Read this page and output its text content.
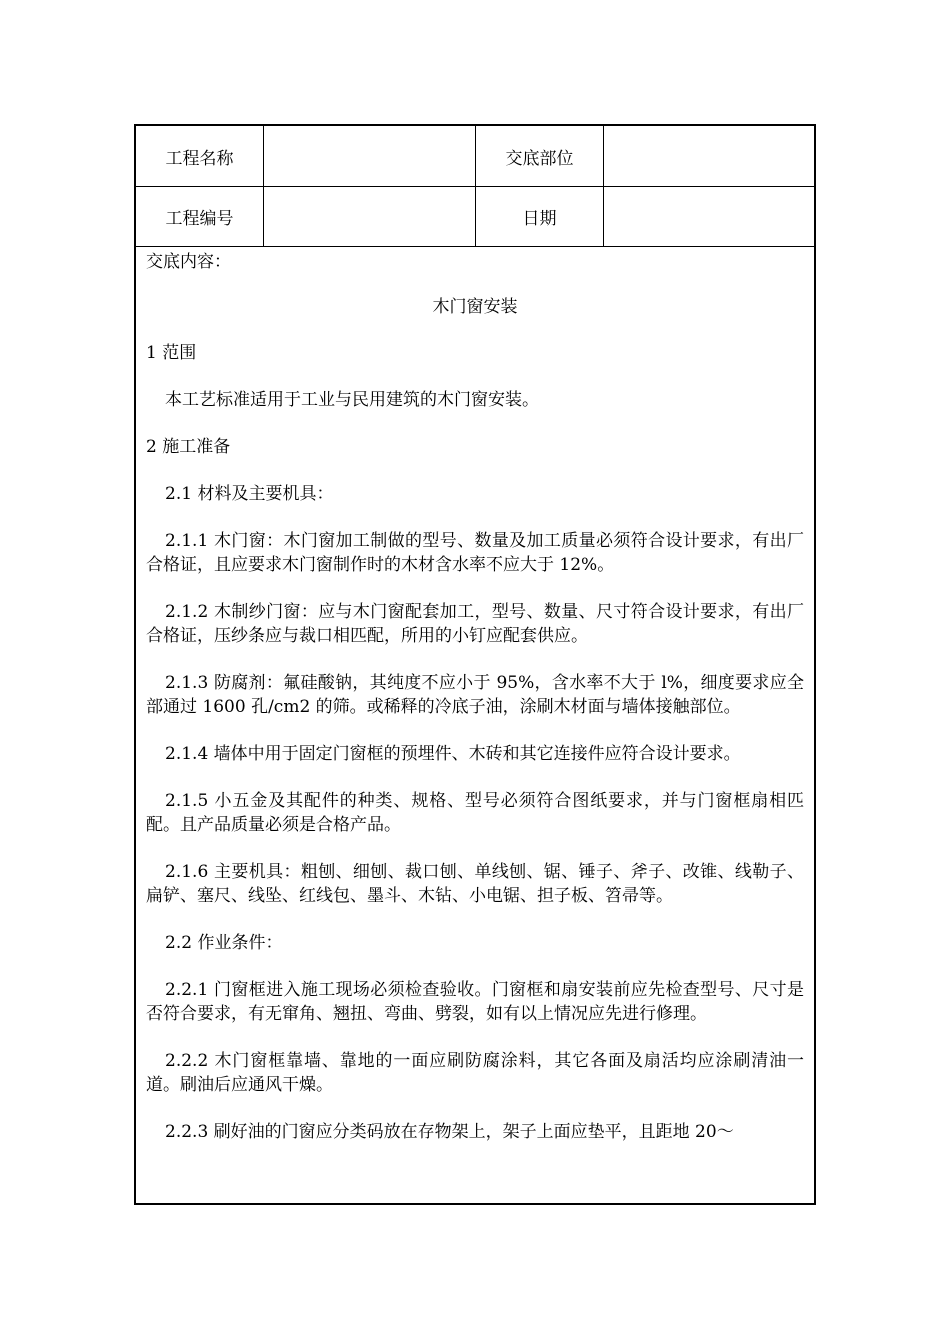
工程名称	交底部位
工程编号	日期

交底内容：

木门窗安装

1 范围

本工艺标准适用于工业与民用建筑的木门窗安装。

2 施工准备

2.1 材料及主要机具：

2.1.1 木门窗：木门窗加工制做的型号、数量及加工质量必须符合设计要求，有出厂合格证，且应要求木门窗制作时的木材含水率不应大于 12%。

2.1.2 木制纱门窗：应与木门窗配套加工，型号、数量、尺寸符合设计要求，有出厂合格证，压纱条应与裁口相匹配，所用的小钉应配套供应。

2.1.3 防腐剂：氟硅酸钠，其纯度不应小于 95%，含水率不大于 l%，细度要求应全部通过 1600 孔/cm2 的筛。或稀释的冷底子油，涂刷木材面与墙体接触部位。

2.1.4 墙体中用于固定门窗框的预埋件、木砖和其它连接件应符合设计要求。

2.1.5 小五金及其配件的种类、规格、型号必须符合图纸要求，并与门窗框扇相匹配。且产品质量必须是合格产品。

2.1.6 主要机具：粗刨、细刨、裁口刨、单线刨、锯、锤子、斧子、改锥、线勒子、扁铲、塞尺、线坠、红线包、墨斗、木钻、小电锯、担子板、笤帚等。

2.2 作业条件：

2.2.1 门窗框进入施工现场必须检查验收。门窗框和扇安装前应先检查型号、尺寸是否符合要求，有无窜角、翘扭、弯曲、劈裂，如有以上情况应先进行修理。

2.2.2 木门窗框靠墙、靠地的一面应刷防腐涂料，其它各面及扇活均应涂刷清油一道。刷油后应通风干燥。

2.2.3 刷好油的门窗应分类码放在存物架上，架子上面应垫平，且距地 20～
